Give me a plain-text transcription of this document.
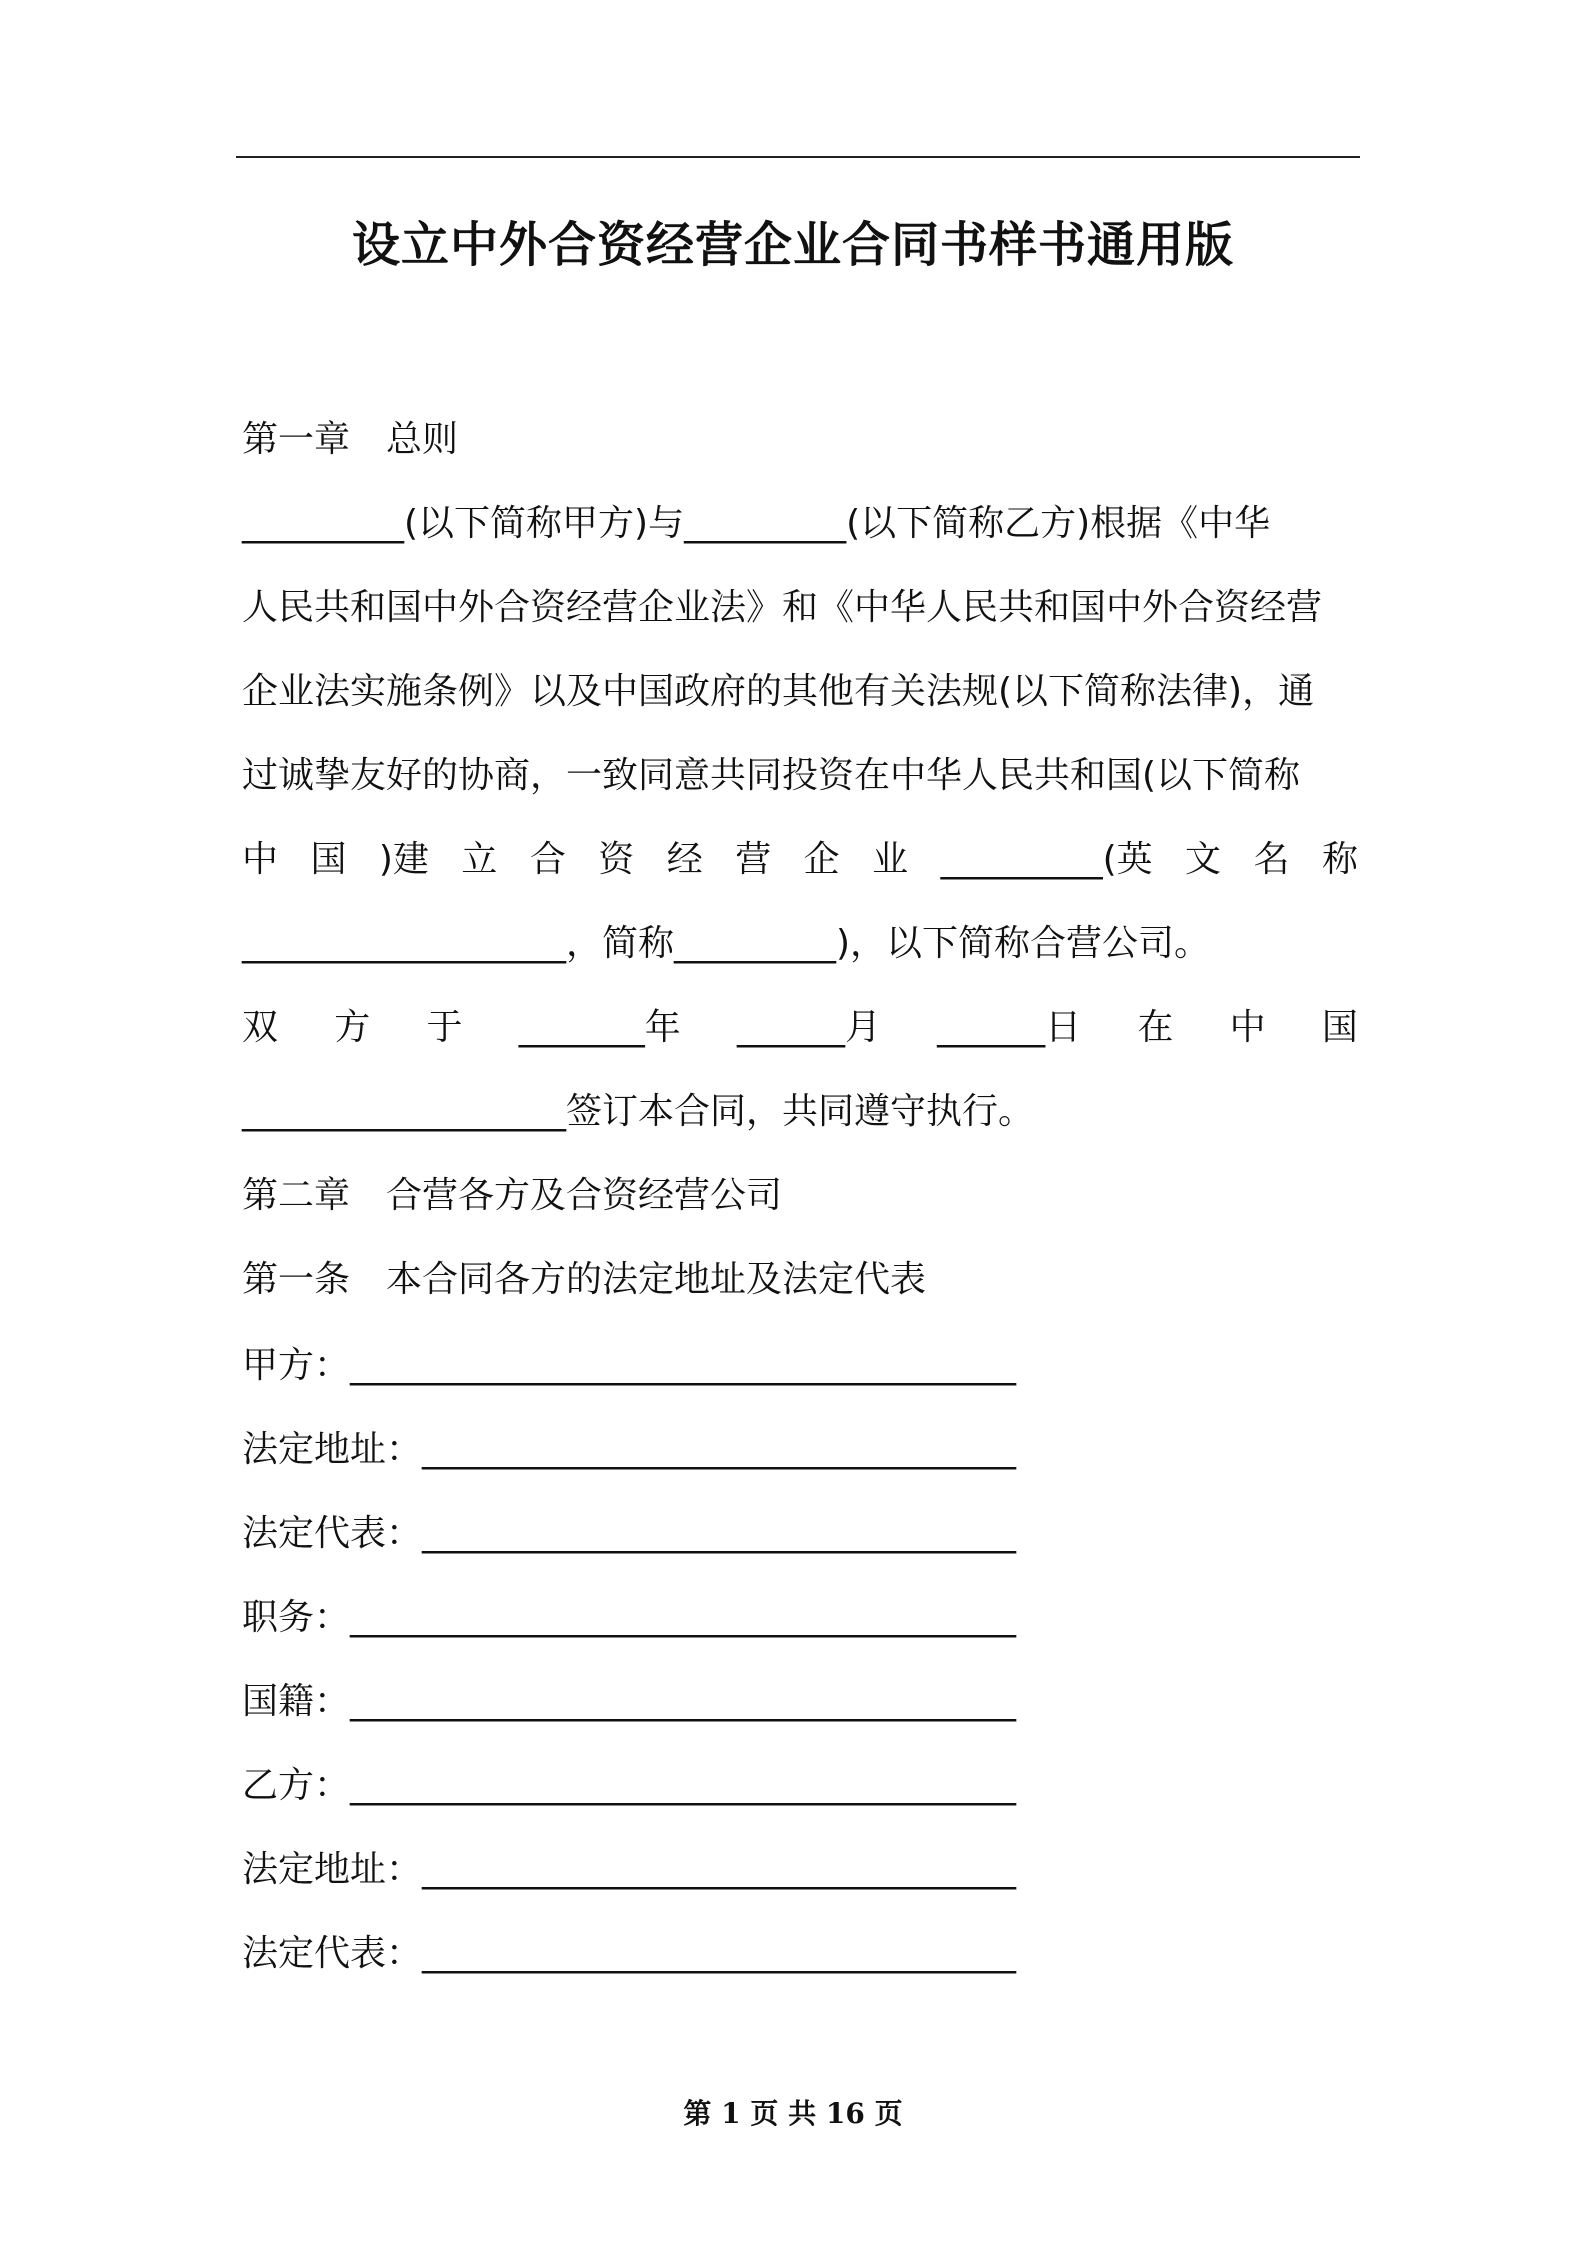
设立中外合资经营企业合同书样书通用版
第一章　总则
_________(以下简称甲方)与_________(以下简称乙方)根据《中华
人民共和国中外合资经营企业法》和《中华人民共和国中外合资经营
企业法实施条例》以及中国政府的其他有关法规(以下简称法律)，通
过诚挚友好的协商，一致同意共同投资在中华人民共和国(以下简称
中 国 )建 立 合 资 经 营 企 业 _________(英 文 名 称
__________________，简称_________)，以下简称合营公司。
双 方 于 _______年 ______月 ______日 在 中 国
__________________签订本合同，共同遵守执行。
第二章　合营各方及合资经营公司
第一条　本合同各方的法定地址及法定代表
甲方：_____________________________________
法定地址：_________________________________
法定代表：_________________________________
职务：_____________________________________
国籍：_____________________________________
乙方：_____________________________________
法定地址：_________________________________
法定代表：_________________________________
第 1 页 共 16 页
